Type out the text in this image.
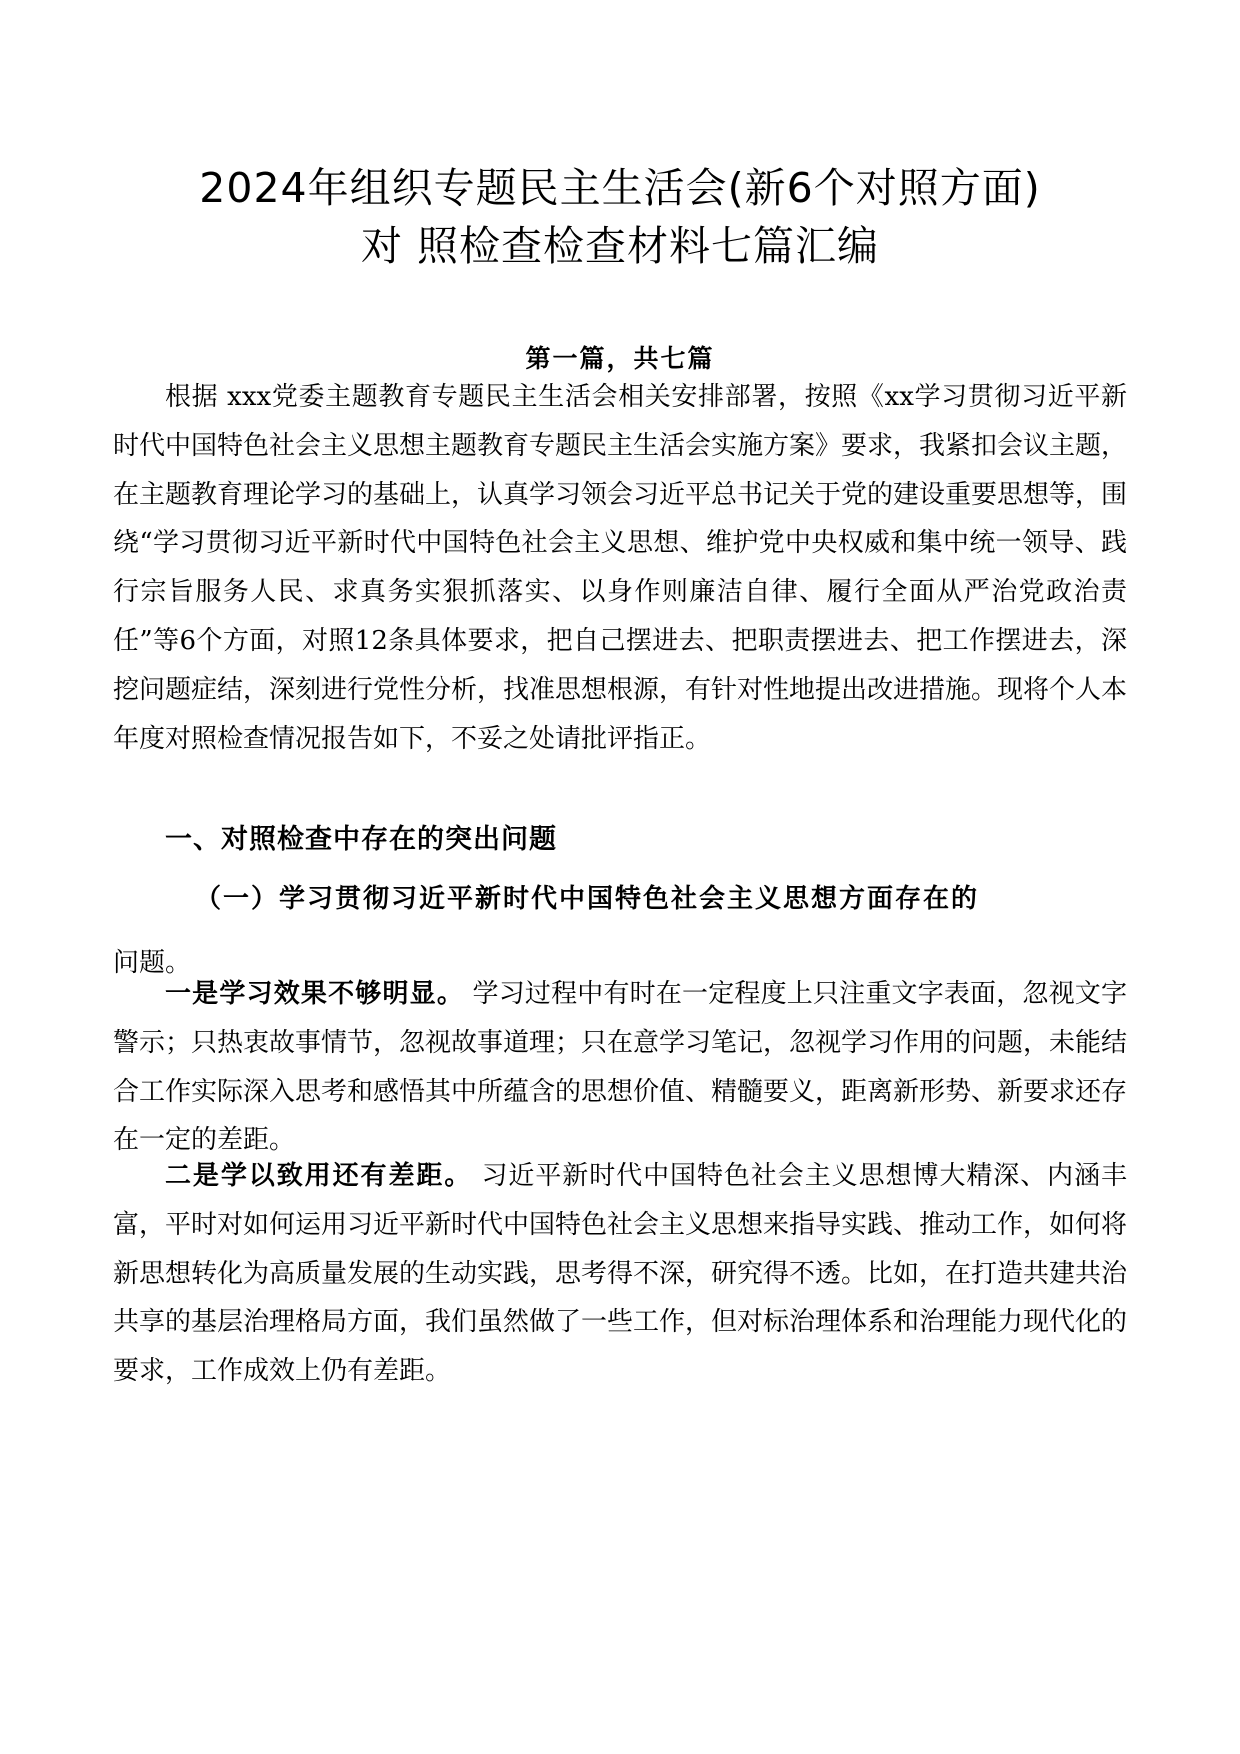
2024年组织专题民主生活会(新6个对照方面)
对 照检查检查材料七篇汇编
第一篇，共七篇
根据 xxx党委主题教育专题民主生活会相关安排部署，按照《xx学习贯彻习近平新时代中国特色社会主义思想主题教育专题民主生活会实施方案》要求，我紧扣会议主题，在主题教育理论学习的基础上，认真学习领会习近平总书记关于党的建设重要思想等，围绕“学习贯彻习近平新时代中国特色社会主义思想、维护党中央权威和集中统一领导、践行宗旨服务人民、求真务实狠抓落实、以身作则廉洁自律、履行全面从严治党政治责任”等6个方面，对照12条具体要求，把自己摆进去、把职责摆进去、把工作摆进去，深挖问题症结，深刻进行党性分析，找准思想根源，有针对性地提出改进措施。现将个人本年度对照检查情况报告如下，不妥之处请批评指正。
一、对照检查中存在的突出问题
（一）学习贯彻习近平新时代中国特色社会主义思想方面存在的
问题。
一是学习效果不够明显。 学习过程中有时在一定程度上只注重文字表面，忽视文字警示；只热衷故事情节，忽视故事道理；只在意学习笔记，忽视学习作用的问题，未能结合工作实际深入思考和感悟其中所蕴含的思想价值、精髓要义，距离新形势、新要求还存在一定的差距。
二是学以致用还有差距。 习近平新时代中国特色社会主义思想博大精深、内涵丰富，平时对如何运用习近平新时代中国特色社会主义思想来指导实践、推动工作，如何将新思想转化为高质量发展的生动实践，思考得不深，研究得不透。比如，在打造共建共治共享的基层治理格局方面，我们虽然做了一些工作，但对标治理体系和治理能力现代化的要求，工作成效上仍有差距。
